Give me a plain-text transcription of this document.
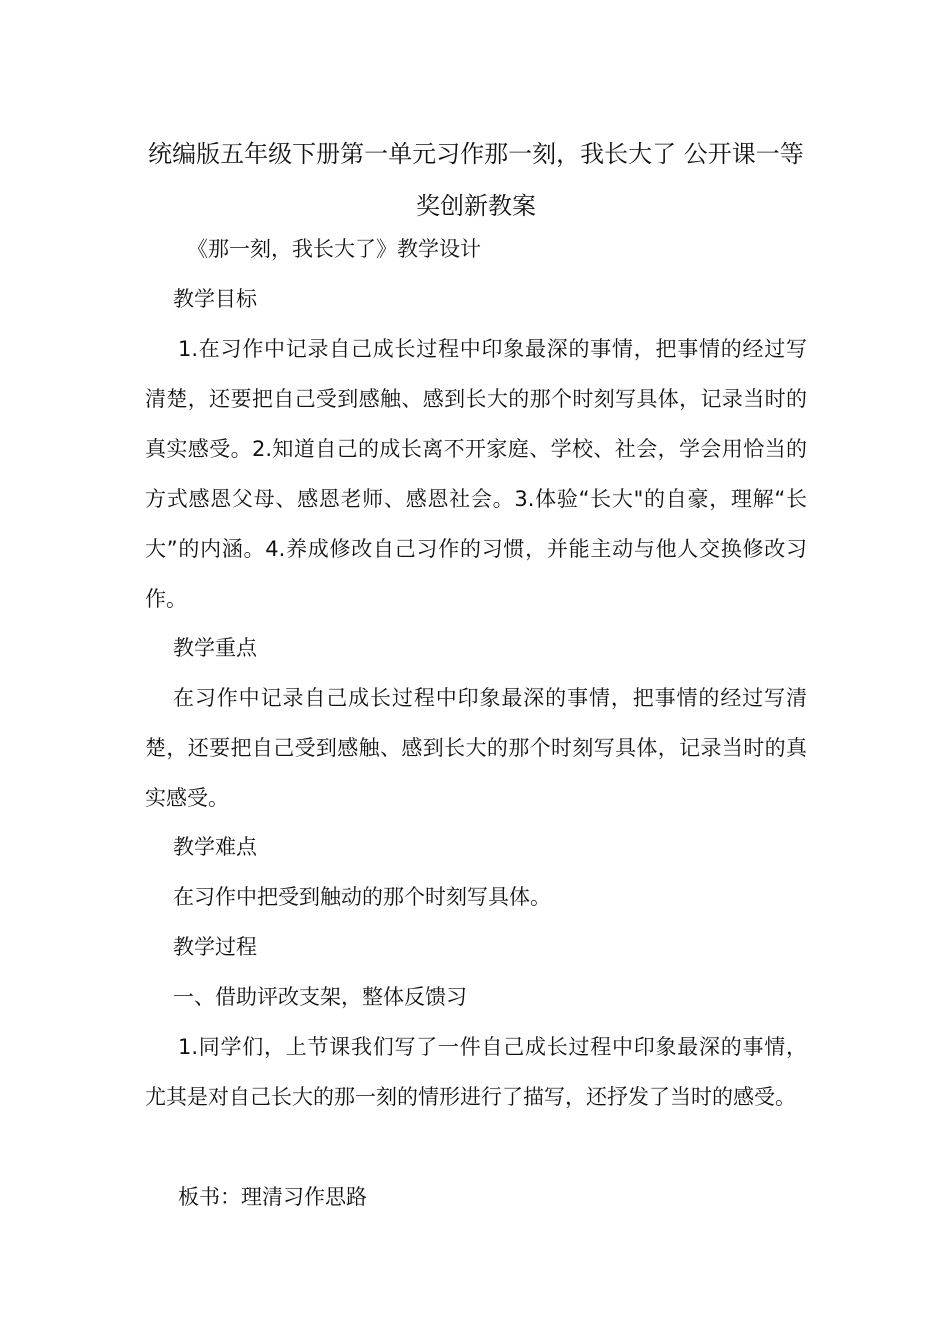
统编版五年级下册第一单元习作那一刻，我长大了 公开课一等奖创新教案

《那一刻，我长大了》教学设计

教学目标

1.在习作中记录自己成长过程中印象最深的事情，把事情的经过写清楚，还要把自己受到感触、感到长大的那个时刻写具体，记录当时的真实感受。2.知道自己的成长离不开家庭、学校、社会，学会用恰当的方式感恩父母、感恩老师、感恩社会。3.体验“长大"的自豪，理解“长大”的内涵。4.养成修改自己习作的习惯，并能主动与他人交换修改习作。

教学重点

在习作中记录自己成长过程中印象最深的事情，把事情的经过写清楚，还要把自己受到感触、感到长大的那个时刻写具体，记录当时的真实感受。

教学难点

在习作中把受到触动的那个时刻写具体。

教学过程

一、借助评改支架，整体反馈习

1.同学们，上节课我们写了一件自己成长过程中印象最深的事情，尤其是对自己长大的那一刻的情形进行了描写，还抒发了当时的感受。

板书：理清习作思路
